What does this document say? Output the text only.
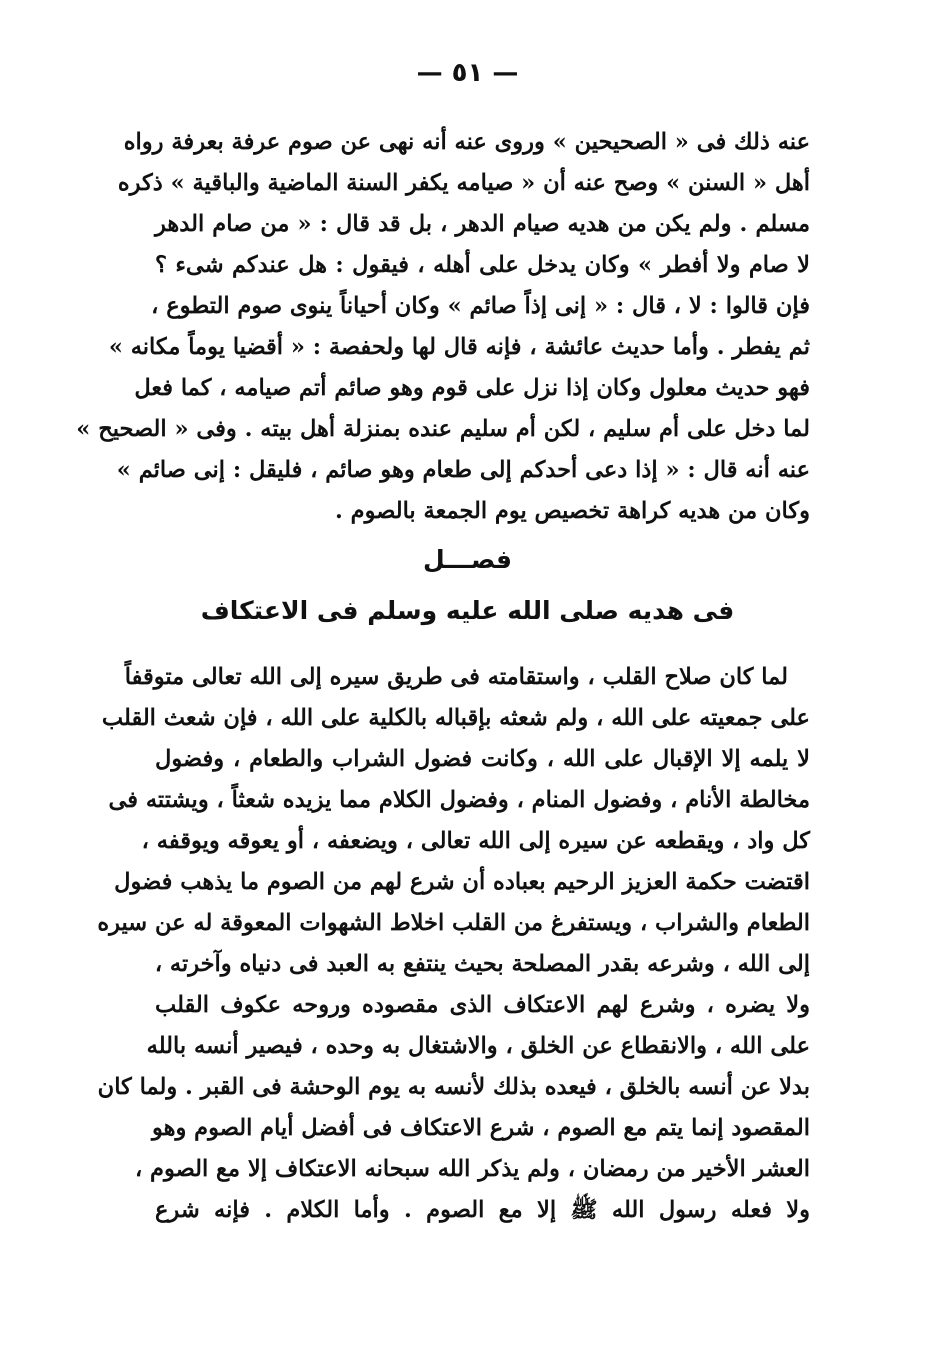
— ٥١ —
عنه ذلك فى « الصحيحين » وروى عنه أنه نهى عن صوم عرفة بعرفة رواه
أهل « السنن » وصح عنه أن « صيامه يكفر السنة الماضية والباقية » ذكره
مسلم . ولم يكن من هديه صيام الدهر ، بل قد قال : « من صام الدهر
لا صام ولا أفطر » وكان يدخل على أهله ، فيقول : هل عندكم شىء ؟
فإن قالوا : لا ، قال : « إنى إذاً صائم » وكان أحياناً ينوى صوم التطوع ،
ثم يفطر . وأما حديث عائشة ، فإنه قال لها ولحفصة : « أقضيا يوماً مكانه »
فهو حديث معلول وكان إذا نزل على قوم وهو صائم أتم صيامه ، كما فعل
لما دخل على أم سليم ، لكن أم سليم عنده بمنزلة أهل بيته . وفى « الصحيح »
عنه أنه قال : « إذا دعى أحدكم إلى طعام وهو صائم ، فليقل : إنى صائم »
وكان من هديه كراهة تخصيص يوم الجمعة بالصوم .
فصـــل
فى هديه صلى الله عليه وسلم فى الاعتكاف
لما كان صلاح القلب ، واستقامته فى طريق سيره إلى الله تعالى متوقفاً
على جمعيته على الله ، ولم شعثه بإقباله بالكلية على الله ، فإن شعث القلب
لا يلمه إلا الإقبال على الله ، وكانت فضول الشراب والطعام ، وفضول
مخالطة الأنام ، وفضول المنام ، وفضول الكلام مما يزيده شعثاً ، ويشتته فى
كل واد ، ويقطعه عن سيره إلى الله تعالى ، ويضعفه ، أو يعوقه ويوقفه ،
اقتضت حكمة العزيز الرحيم بعباده أن شرع لهم من الصوم ما يذهب فضول
الطعام والشراب ، ويستفرغ من القلب اخلاط الشهوات المعوقة له عن سيره
إلى الله ، وشرعه بقدر المصلحة بحيث ينتفع به العبد فى دنياه وآخرته ،
ولا يضره ، وشرع لهم الاعتكاف الذى مقصوده وروحه عكوف القلب
على الله ، والانقطاع عن الخلق ، والاشتغال به وحده ، فيصير أنسه بالله
بدلا عن أنسه بالخلق ، فيعده بذلك لأنسه به يوم الوحشة فى القبر . ولما كان
المقصود إنما يتم مع الصوم ، شرع الاعتكاف فى أفضل أيام الصوم وهو
العشر الأخير من رمضان ، ولم يذكر الله سبحانه الاعتكاف إلا مع الصوم ،
ولا فعله رسول الله ﷺ إلا مع الصوم . وأما الكلام . فإنه شرع
